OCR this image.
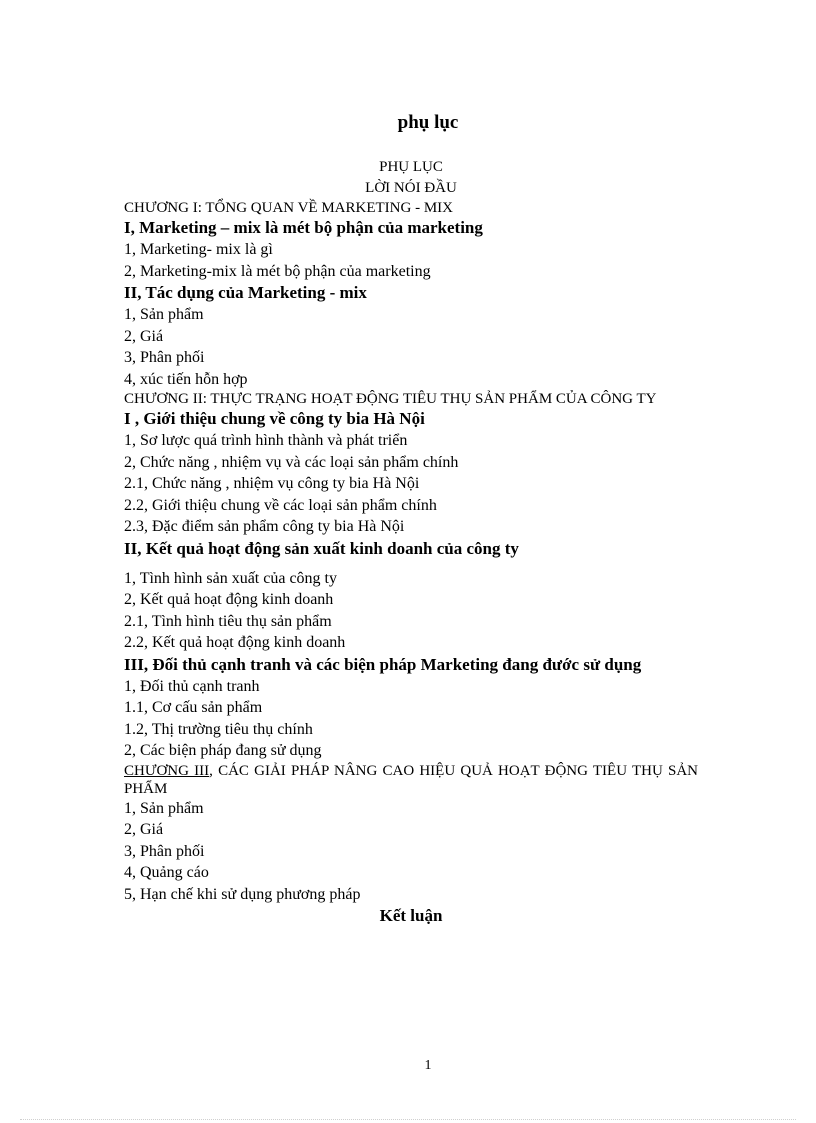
phụ lục
PHỤ LỤC
LỜI NÓI ĐẦU
CHƯƠNG I: TỔNG QUAN VỀ MARKETING - MIX
I, Marketing – mix là mét bộ phận của marketing
1, Marketing- mix là gì
2, Marketing-mix là mét bộ phận của marketing
II, Tác dụng của Marketing - mix
1, Sản phẩm
2, Giá
3, Phân phối
4, xúc tiến hỗn hợp
CHƯƠNG II: THỰC TRẠNG HOẠT ĐỘNG TIÊU THỤ SẢN PHẨM CỦA CÔNG TY
I , Giới thiệu chung về công ty bia Hà Nội
1, Sơ lược quá trình hình thành và phát triển
2, Chức năng , nhiệm vụ và các loại sản phẩm chính
2.1, Chức năng , nhiệm vụ công ty bia Hà Nội
2.2, Giới thiệu chung về các loại sản phẩm chính
2.3, Đặc điểm sản phẩm công ty bia Hà Nội
II, Kết quả hoạt động sản xuất kinh doanh của công ty
1, Tình hình sản xuất của công ty
2, Kết quả hoạt động kinh doanh
2.1, Tình hình tiêu thụ sản phẩm
2.2, Kết quả hoạt động kinh doanh
III, Đối thủ cạnh tranh và các biện pháp Marketing đang đước sử dụng
1, Đối thủ cạnh tranh
1.1, Cơ cấu sản phẩm
1.2, Thị trường tiêu thụ chính
2, Các biện pháp đang sử dụng
CHƯƠNG III, CÁC GIẢI PHÁP NÂNG CAO HIỆU QUẢ HOẠT ĐỘNG TIÊU THỤ SẢN PHẨM
1, Sản phẩm
2, Giá
3, Phân phối
4, Quảng cáo
5, Hạn chế khi sử dụng phương pháp
Kết luận
1
